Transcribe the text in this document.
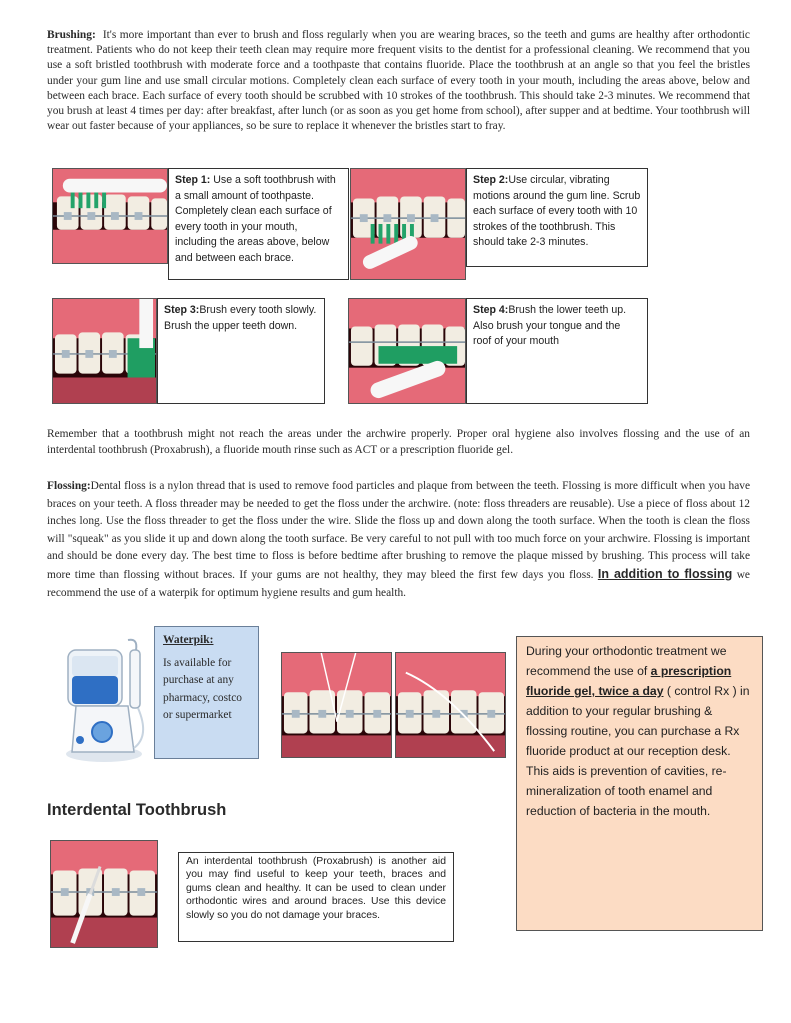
Brushing: It's more important than ever to brush and floss regularly when you are wearing braces, so the teeth and gums are healthy after orthodontic treatment. Patients who do not keep their teeth clean may require more frequent visits to the dentist for a professional cleaning. We recommend that you use a soft bristled toothbrush with moderate force and a toothpaste that contains fluoride. Place the toothbrush at an angle so that you feel the bristles under your gum line and use small circular motions. Completely clean each surface of every tooth in your mouth, including the areas above, below and between each brace. Each surface of every tooth should be scrubbed with 10 strokes of the toothbrush. This should take 2-3 minutes. We recommend that you brush at least 4 times per day: after breakfast, after lunch (or as soon as you get home from school), after supper and at bedtime. Your toothbrush will wear out faster because of your appliances, so be sure to replace it whenever the bristles start to fray.
Step 1: Use a soft toothbrush with a small amount of toothpaste. Completely clean each surface of every tooth in your mouth, including the areas above, below and between each brace.
Step 2:Use circular, vibrating motions around the gum line. Scrub each surface of every tooth with 10 strokes of the toothbrush. This should take 2-3 minutes.
Step 3:Brush every tooth slowly. Brush the upper teeth down.
Step 4:Brush the lower teeth up. Also brush your tongue and the roof of your mouth
Remember that a toothbrush might not reach the areas under the archwire properly. Proper oral hygiene also involves flossing and the use of an interdental toothbrush (Proxabrush), a fluoride mouth rinse such as ACT or a prescription fluoride gel.
Flossing:Dental floss is a nylon thread that is used to remove food particles and plaque from between the teeth. Flossing is more difficult when you have braces on your teeth. A floss threader may be needed to get the floss under the archwire. (note: floss threaders are reusable). Use a piece of floss about 12 inches long. Use the floss threader to get the floss under the wire. Slide the floss up and down along the tooth surface. When the tooth is clean the floss will "squeak" as you slide it up and down along the tooth surface. Be very careful to not pull with too much force on your archwire. Flossing is important and should be done every day. The best time to floss is before bedtime after brushing to remove the plaque missed by brushing. This process will take more time than flossing without braces. If your gums are not healthy, they may bleed the first few days you floss. In addition to flossing we recommend the use of a waterpik for optimum hygiene results and gum health.
Waterpik:
Is available for purchase at any pharmacy, costco or supermarket
During your orthodontic treatment we recommend the use of a prescription fluoride gel, twice a day ( control Rx ) in addition to your regular brushing & flossing routine, you can purchase a Rx fluoride product at our reception desk. This aids is prevention of cavities, re-mineralization of tooth enamel and reduction of bacteria in the mouth.
Interdental Toothbrush
An interdental toothbrush (Proxabrush) is another aid you may find useful to keep your teeth, braces and gums clean and healthy. It can be used to clean under orthodontic wires and around braces. Use this device slowly so you do not damage your braces.
